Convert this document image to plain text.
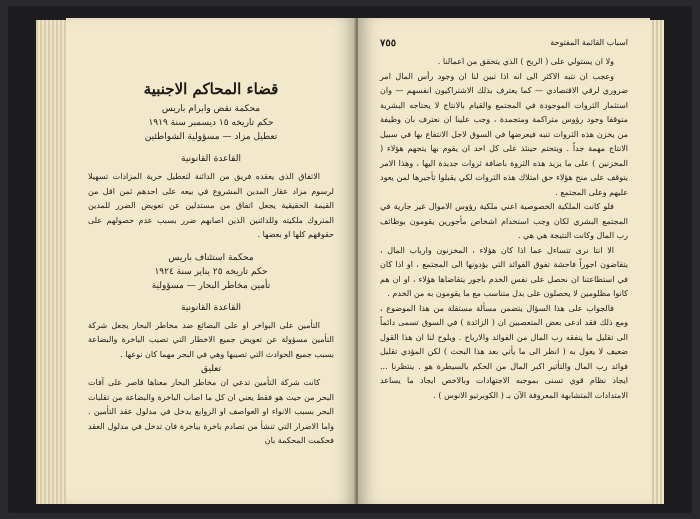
قضاء المحاكم الاجنبية
محكمة نقض وابرام باريس
حكم تاريخه ١٥ ديسمبر سنة ١٩١٩
تعطيل مزاد — مسؤولية الشواطئين
القاعدة القانونية

الاتفاق الذي يعقده فريق من الدائنة لتعطيل حرية المزادات تسهيلا لرسوم مزاد عقار المدين المشروع في بيعه على احدهم ثمن اقل من القيمة الحقيقية يجعل اتفاق من مستدلين عن تعويض الضرر للمدين المتروك ملكيته وللدائنين الذين اصابهم ضرر بسبب عدم حصولهم على حقوقهم كلها او بعضها .

محكمة استئناف باريس
حكم تاريخه ٢٥ يناير سنة ١٩٢٤
تأمين مخاطر البحار — مسؤولية
القاعدة القانونية

التأمين على البواخر او على البضائع ضد مخاطر البحار يجعل شركة التأمين مسؤولة عن تعويض جميع الاخطار التي تصيب الباخرة والبضاعة بسبب جميع الحوادث التي تصيبها وهي في البحر مهما كان نوعها .

تعليق

كانت شركة التأمين تدعي ان مخاطر البحار معناها قاصر على آفات البحر من حيث هو فقط يعني ان كل ما اصاب الباخرة والبضاعة من تقلبات البحر بسبب الانواء او العواصف او الزوابع يدخل في مدلول عقد التأمين . واما الاضرار التي تنشأ من تصادم باخرة بباخرة فان تدخل في مدلول العقد فحكمت المحكمة بان

اسباب القائمة المفتوحة
٧٥٥

ولا ان يستولي على ( الربح ) الذي يتحقق من اعمالنا .

وعجب ان نتبه الاكثر الى انه اذا تبين لنا ان وجود رأس المال امر ضروري لرقي الاقتصادي — كما يعترف بذلك الاشتراكيون انفسهم — وان استثمار الثروات الموجودة في المجتمع والقيام بالانتاج لا يحتاجه البشرية متوقفا وجود رؤوس متراكمة ومتجمدة ، وجب علينا ان نعترف بان وظيفة من يخزن هذه الثروات تنبه فيعرضها في السوق لاجل الانتفاع بها في سبيل الانتاج مهمة جداً . ويتحتم حينئذ على كل احد ان يقوم بها يتجهم هؤلاء ( المخزنين ) على ما يزيد هذه الثروة باضافة ثروات جديدة اليها ، وهذا الامر يتوقف على منح هؤلاء حق امتلاك هذه الثروات لكي يقبلوا تأجيرها لمن يعود عليهم وعلى المجتمع .

فلو كانت الملكية الخصوصية اعني ملكية رؤوس الاموال غير جارية في المجتمع البشري لكان وجب استخدام اشخاص مأجورين يقومون بوظائف رب المال وكانت النتيجة هي هي .

الا انتا نرى تتساءل عما اذا كان هؤلاء ، المخزنون وارباب المال ، يتقاضون اجوراً فاحشة تفوق الفوائد التي يؤدونها الى المجتمع ، او اذا كان في استطاعتنا ان نحصل على نفس الخدم باجور يتقاضاها هؤلاء ، او ان هم كانوا مظلومين لا يحصلون على بدل متناسب مع ما يقومون به من الخدم .

فالجواب على هذا السؤال يتضمن مسألة مستقلة من هذا الموضوع ، ومع ذلك فقد ادعى بعض المتعصبين ان ( الزائدة ) في السوق تسمى دائماً الى تقليل ما ينفقه رب المال من الفوائد والارباح . ويلوح لنا ان هذا القول ضعيف لا يعول به ( انظر الى ما يأتي بعد هذا البحث ) لكن المؤدي تقليل فوائد رب المال والتأثير اكبر المال من الحكم بالسيطرة هو . ينتظرنا ... ايجاد نظام قوي تسنى بموجبه الاجتهادات وبالاخص ايجاد ما يساعد الامتدادات المتشابهة المعروفة الآن بـ ( الكوبرتيو الانوس ) .
